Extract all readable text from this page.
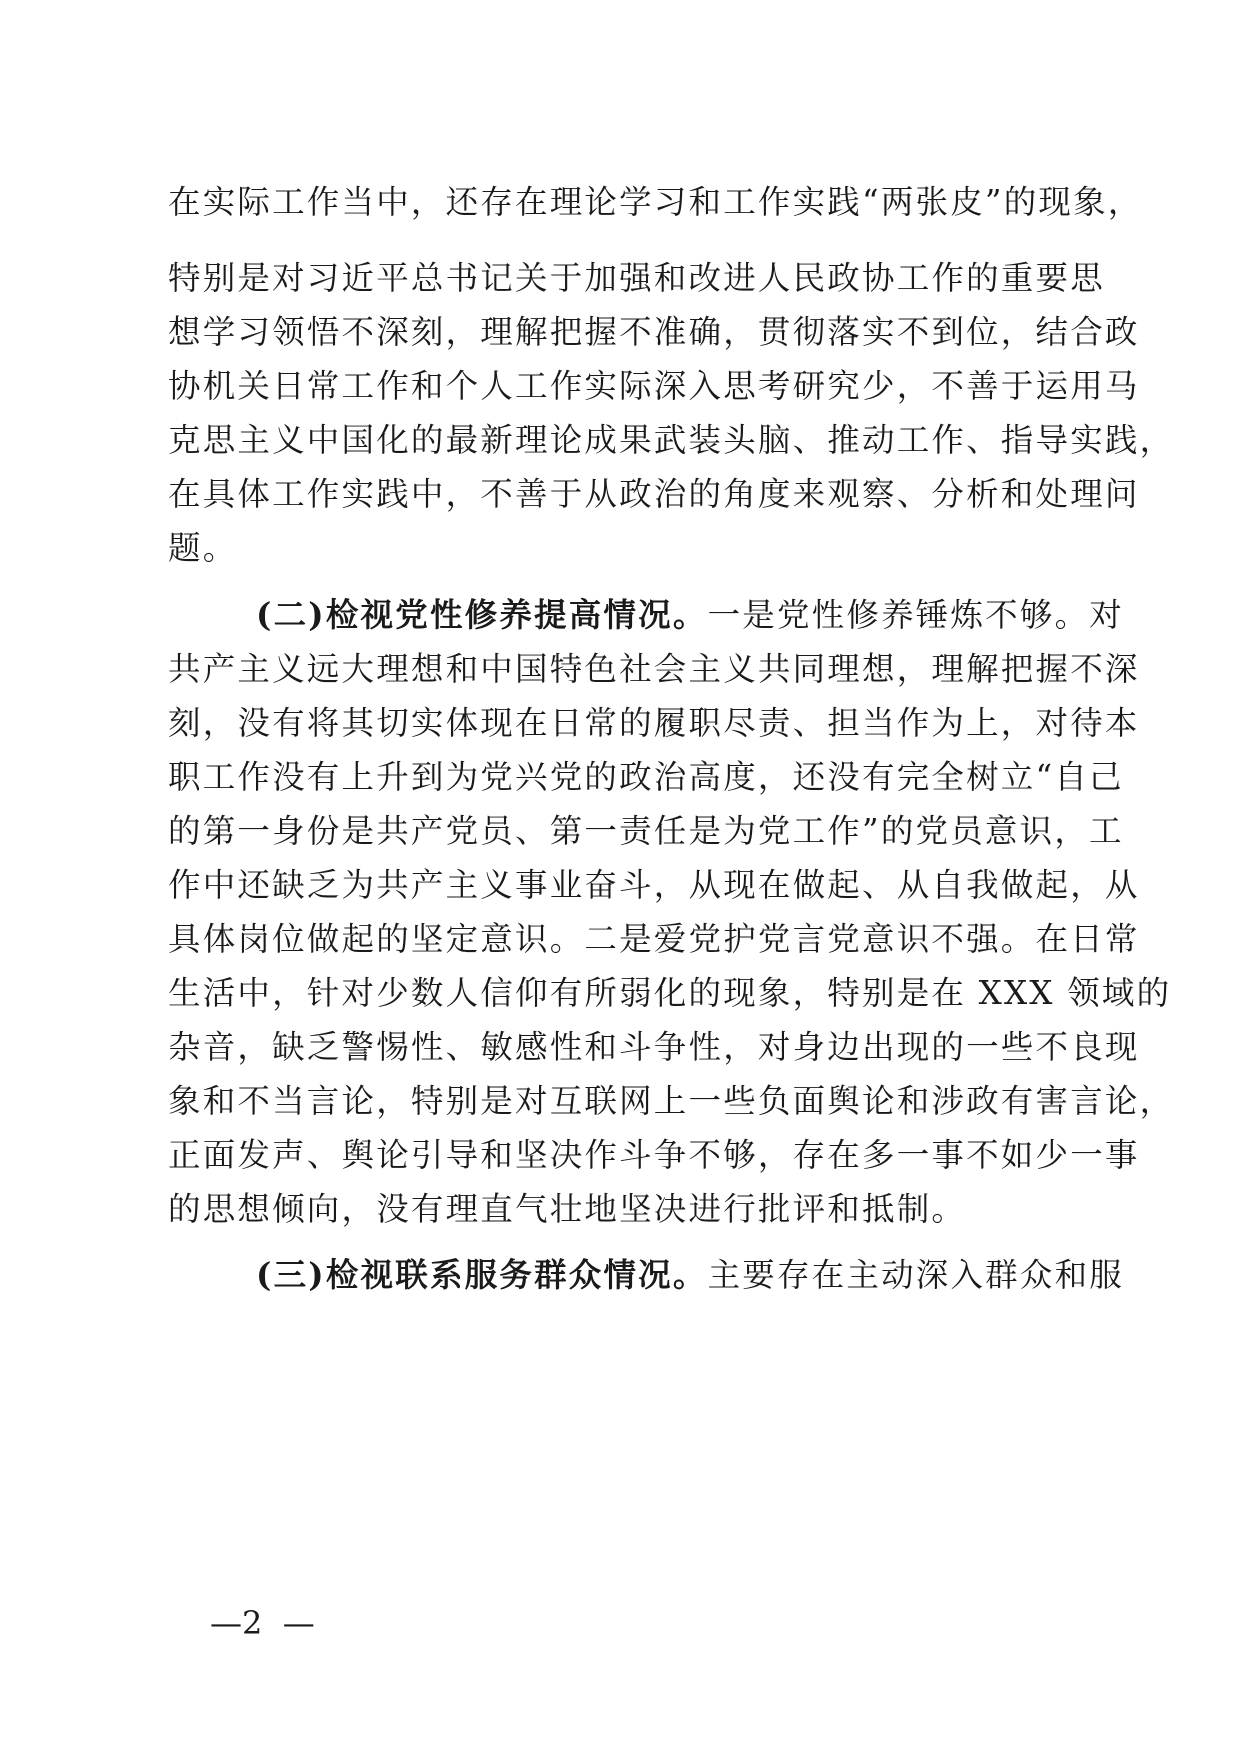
在实际工作当中，还存在理论学习和工作实践“两张皮”的现象，
特别是对习近平总书记关于加强和改进人民政协工作的重要思
想学习领悟不深刻，理解把握不准确，贯彻落实不到位，结合政
协机关日常工作和个人工作实际深入思考研究少，不善于运用马
克思主义中国化的最新理论成果武装头脑、推动工作、指导实践，
在具体工作实践中，不善于从政治的角度来观察、分析和处理问
题。
(二)检视党性修养提高情况。一是党性修养锤炼不够。对
共产主义远大理想和中国特色社会主义共同理想，理解把握不深
刻，没有将其切实体现在日常的履职尽责、担当作为上，对待本
职工作没有上升到为党兴党的政治高度，还没有完全树立“自己
的第一身份是共产党员、第一责任是为党工作”的党员意识，工
作中还缺乏为共产主义事业奋斗，从现在做起、从自我做起，从
具体岗位做起的坚定意识。二是爱党护党言党意识不强。在日常
生活中，针对少数人信仰有所弱化的现象，特别是在 XXX 领域的
杂音，缺乏警惕性、敏感性和斗争性，对身边出现的一些不良现
象和不当言论，特别是对互联网上一些负面舆论和涉政有害言论，
正面发声、舆论引导和坚决作斗争不够，存在多一事不如少一事
的思想倾向，没有理直气壮地坚决进行批评和抵制。
(三)检视联系服务群众情况。主要存在主动深入群众和服
—2  —
